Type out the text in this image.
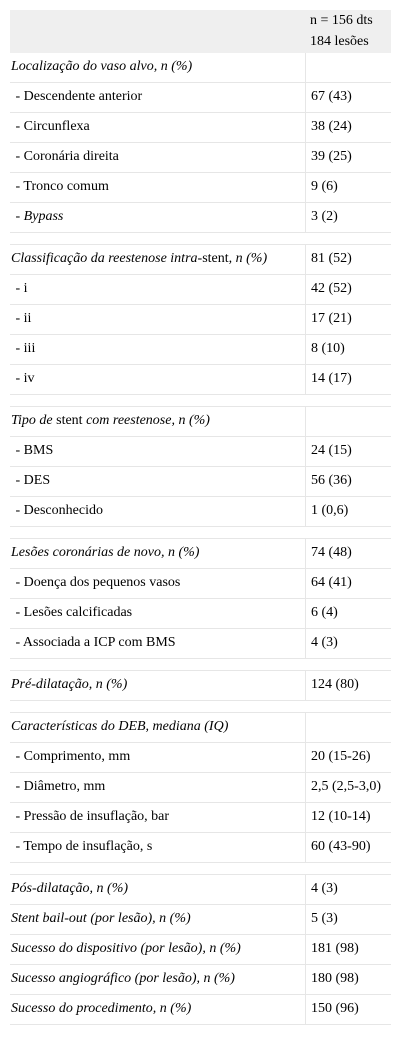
n = 156 dts
184 lesões
Localização do vaso alvo, n (%)
- Descendente anterior	67 (43)
- Circunflexa	38 (24)
- Coronária direita	39 (25)
- Tronco comum	9 (6)
- Bypass	3 (2)
Classificação da reestenose intra-stent, n (%)	81 (52)
- i	42 (52)
- ii	17 (21)
- iii	8 (10)
- iv	14 (17)
Tipo de stent com reestenose, n (%)
- BMS	24 (15)
- DES	56 (36)
- Desconhecido	1 (0,6)
Lesões coronárias de novo, n (%)	74 (48)
- Doença dos pequenos vasos	64 (41)
- Lesões calcificadas	6 (4)
- Associada a ICP com BMS	4 (3)
Pré-dilatação, n (%)	124 (80)
Características do DEB, mediana (IQ)
- Comprimento, mm	20 (15-26)
- Diâmetro, mm	2,5 (2,5-3,0)
- Pressão de insuflação, bar	12 (10-14)
- Tempo de insuflação, s	60 (43-90)
Pós-dilatação, n (%)	4 (3)
Stent bail-out (por lesão), n (%)	5 (3)
Sucesso do dispositivo (por lesão), n (%)	181 (98)
Sucesso angiográfico (por lesão), n (%)	180 (98)
Sucesso do procedimento, n (%)	150 (96)
